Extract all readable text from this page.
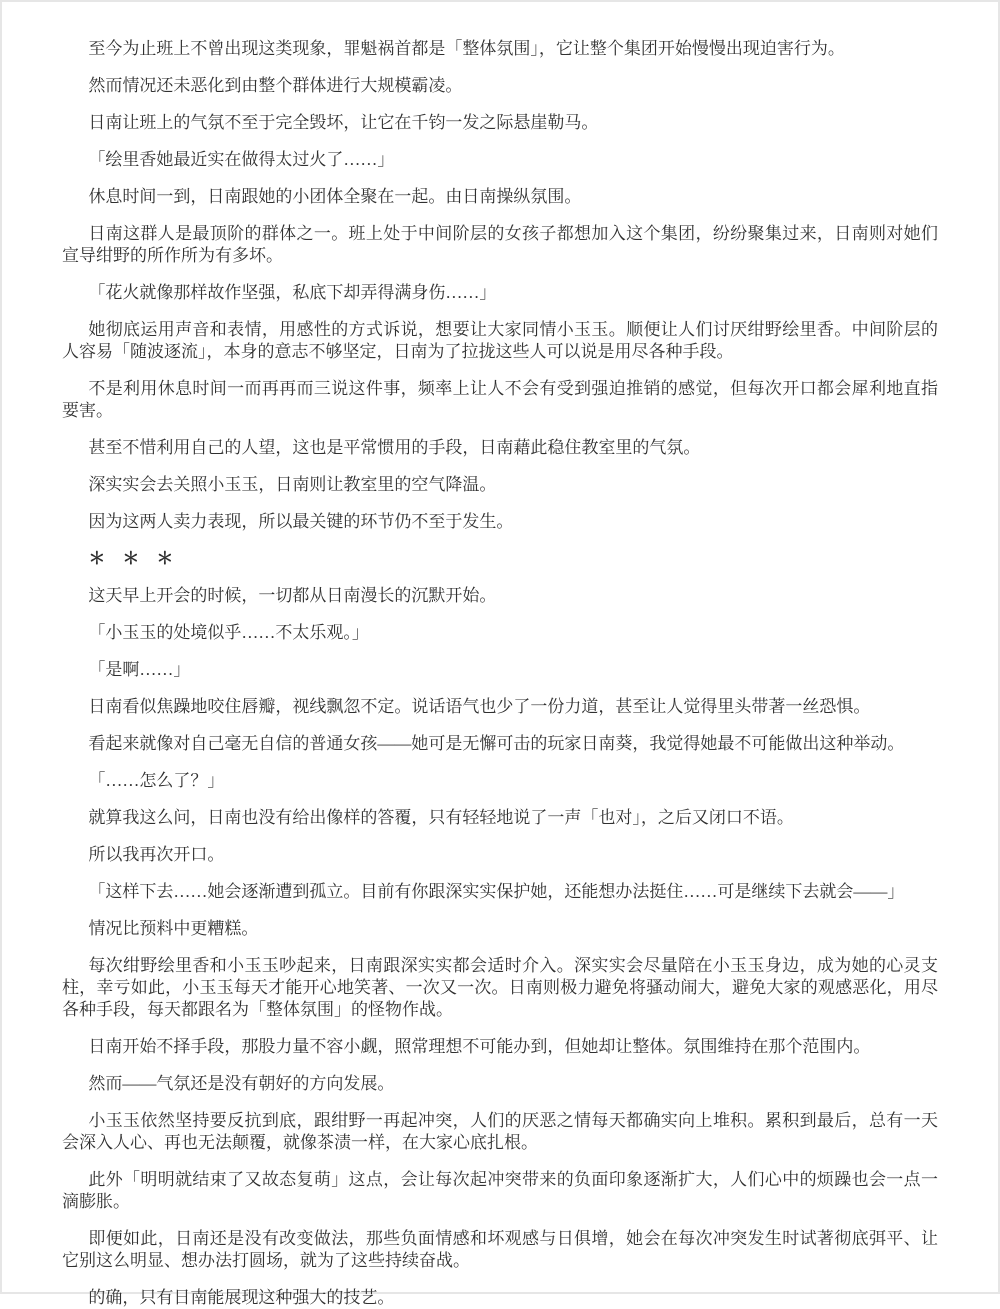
至今为止班上不曾出现这类现象，罪魁祸首都是「整体氛围」，它让整个集团开始慢慢出现迫害行为。

然而情况还未恶化到由整个群体进行大规模霸凌。

日南让班上的气氛不至于完全毁坏，让它在千钧一发之际悬崖勒马。

「绘里香她最近实在做得太过火了……」

休息时间一到，日南跟她的小团体全聚在一起。由日南操纵氛围。

日南这群人是最顶阶的群体之一。班上处于中间阶层的女孩子都想加入这个集团，纷纷聚集过来，日南则对她们宣导绀野的所作所为有多坏。

「花火就像那样故作坚强，私底下却弄得满身伤……」

她彻底运用声音和表情，用感性的方式诉说，想要让大家同情小玉玉。顺便让人们讨厌绀野绘里香。中间阶层的人容易「随波逐流」，本身的意志不够坚定，日南为了拉拢这些人可以说是用尽各种手段。

不是利用休息时间一而再再而三说这件事，频率上让人不会有受到强迫推销的感觉，但每次开口都会犀利地直指要害。

甚至不惜利用自己的人望，这也是平常惯用的手段，日南藉此稳住教室里的气氛。

深实实会去关照小玉玉，日南则让教室里的空气降温。

因为这两人卖力表现，所以最关键的环节仍不至于发生。

＊　＊　＊

这天早上开会的时候，一切都从日南漫长的沉默开始。

「小玉玉的处境似乎……不太乐观。」

「是啊……」

日南看似焦躁地咬住唇瓣，视线飘忽不定。说话语气也少了一份力道，甚至让人觉得里头带著一丝恐惧。

看起来就像对自己毫无自信的普通女孩——她可是无懈可击的玩家日南葵，我觉得她最不可能做出这种举动。

「……怎么了？」

就算我这么问，日南也没有给出像样的答覆，只有轻轻地说了一声「也对」，之后又闭口不语。

所以我再次开口。

「这样下去……她会逐渐遭到孤立。目前有你跟深实实保护她，还能想办法挺住……可是继续下去就会——」

情况比预料中更糟糕。

每次绀野绘里香和小玉玉吵起来，日南跟深实实都会适时介入。深实实会尽量陪在小玉玉身边，成为她的心灵支柱，幸亏如此，小玉玉每天才能开心地笑著、一次又一次。日南则极力避免将骚动闹大，避免大家的观感恶化，用尽各种手段，每天都跟名为「整体氛围」的怪物作战。

日南开始不择手段，那股力量不容小觑，照常理想不可能办到，但她却让整体。氛围维持在那个范围内。

然而——气氛还是没有朝好的方向发展。

小玉玉依然坚持要反抗到底，跟绀野一再起冲突，人们的厌恶之情每天都确实向上堆积。累积到最后，总有一天会深入人心、再也无法颠覆，就像茶渍一样，在大家心底扎根。

此外「明明就结束了又故态复萌」这点，会让每次起冲突带来的负面印象逐渐扩大，人们心中的烦躁也会一点一滴膨胀。

即便如此，日南还是没有改变做法，那些负面情感和坏观感与日俱增，她会在每次冲突发生时试著彻底弭平、让它别这么明显、想办法打圆场，就为了这些持续奋战。

的确，只有日南能展现这种强大的技艺。
